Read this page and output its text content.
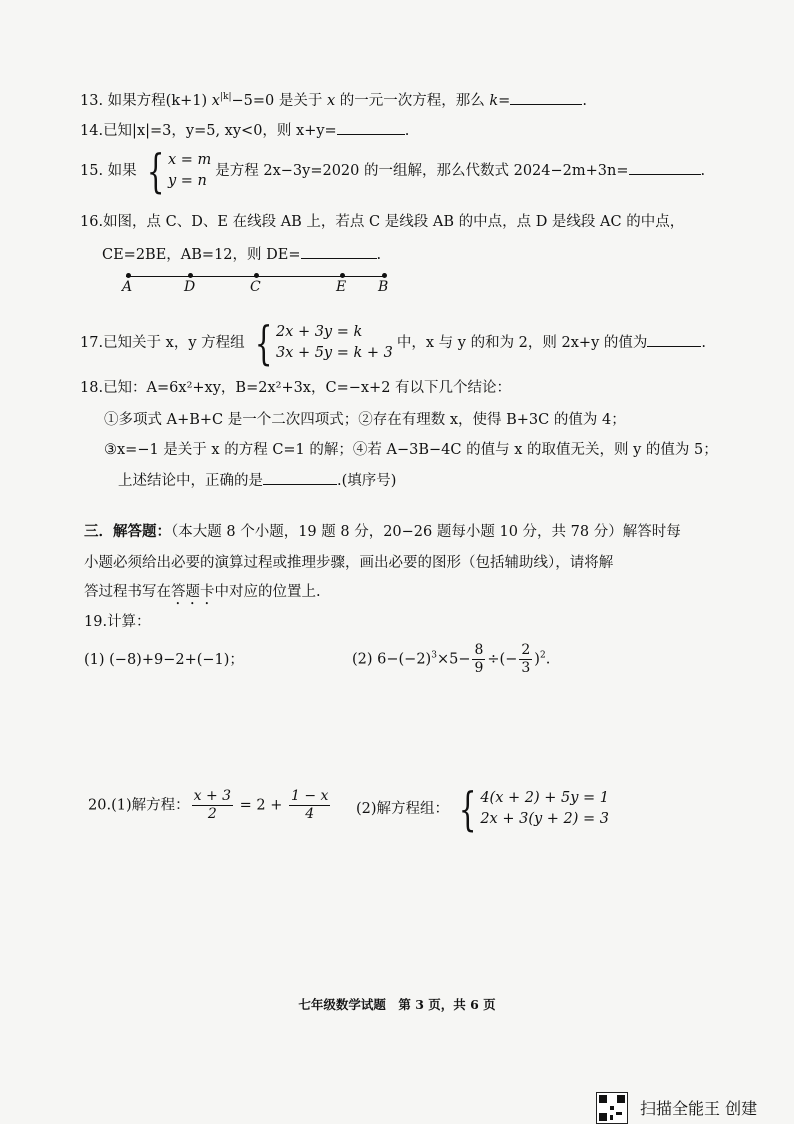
13. 如果方程(k+1) $x^{|k|}-5=0$ 是关于 x 的一元一次方程，那么 k=	.
14.已知|x|=3，y=5, xy<0，则 x+y=	.
15. 如果 { x = m
y = n
是方程 2x−3y=2020 的一组解，那么代数式 2024−2m+3n=	.
16.如图，点 C、D、E 在线段 AB 上，若点 C 是线段 AB 的中点，点 D 是线段 AC 的中点，
CE=2BE，AB=12，则 DE=	.
A	D	C	E B
17.已知关于 x，y 方程组 { 2x + 3y = k
3x + 5y = k + 3
中，x 与 y 的和为 2，则 2x+y 的值为	.
18.已知：A=6x²+xy，B=2x²+3x，C=−x+2 有以下几个结论：
①多项式 A+B+C 是一个二次四项式；②存在有理数 x，使得 B+3C 的值为 4；
③x=−1 是关于 x 的方程 C=1 的解；④若 A−3B−4C 的值与 x 的取值无关，则 y 的值为 5；
上述结论中，正确的是	.(填序号)
三．解答题：（本大题 8 个小题，19 题 8 分，20−26 题每小题 10 分，共 78 分）解答时每
小题必须给出必要的演算过程或推理步骤，画出必要的图形（包括辅助线），请将解
答过程书写在答题卡中对应的位置上.
19.计算：
(1) (−8)+9−2+(−1)；	(2) $6-(-2)^3\times 5- \frac{8}{9}$ ÷(− $\frac{2}{3} )^2$.
20.(1)解方程： $\frac{x + 3}{2} = 2 + \frac{1 - x}{4} (2)$解方程组： { 4(x + 2) + 5y = 1
2x + 3(y + 2) = 3
七年级数学试题　第 3 页，共 6 页
扫描全能王 创建
